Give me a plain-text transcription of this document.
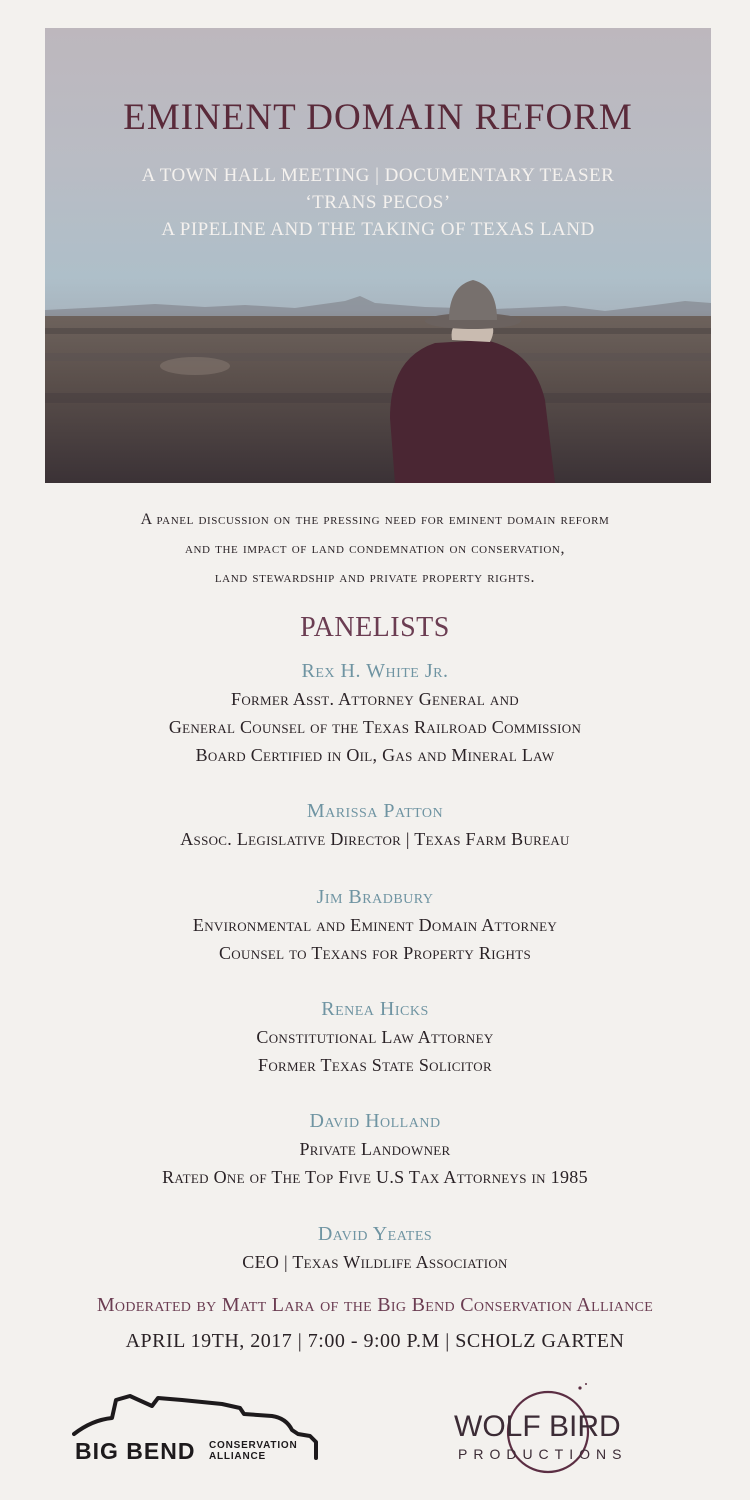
EMINENT DOMAIN REFORM
A TOWN HALL MEETING | DOCUMENTARY TEASER
‘TRANS PECOS’
A PIPELINE AND THE TAKING OF TEXAS LAND
A panel discussion on the pressing need for eminent domain reform
and the impact of land condemnation on conservation,
land stewardship and private property rights.
PANELISTS
Rex H. White Jr.
Former Asst. Attorney General and
General Counsel of the Texas Railroad Commission
Board Certified in Oil, Gas and Mineral Law
Marissa Patton
Assoc. Legislative Director | Texas Farm Bureau
Jim Bradbury
Environmental and Eminent Domain Attorney
Counsel to Texans for Property Rights
Renea Hicks
Constitutional Law Attorney
Former Texas State Solicitor
David Holland
Private Landowner
Rated One of The Top Five U.S Tax Attorneys in 1985
David Yeates
CEO | Texas Wildlife Association
Moderated by Matt Lara of the Big Bend Conservation Alliance
APRIL 19TH, 2017 | 7:00 - 9:00 P.M | SCHOLZ GARTEN
BIG BEND CONSERVATION
ALLIANCE
WOLF BIRD
PRODUCTIONS
